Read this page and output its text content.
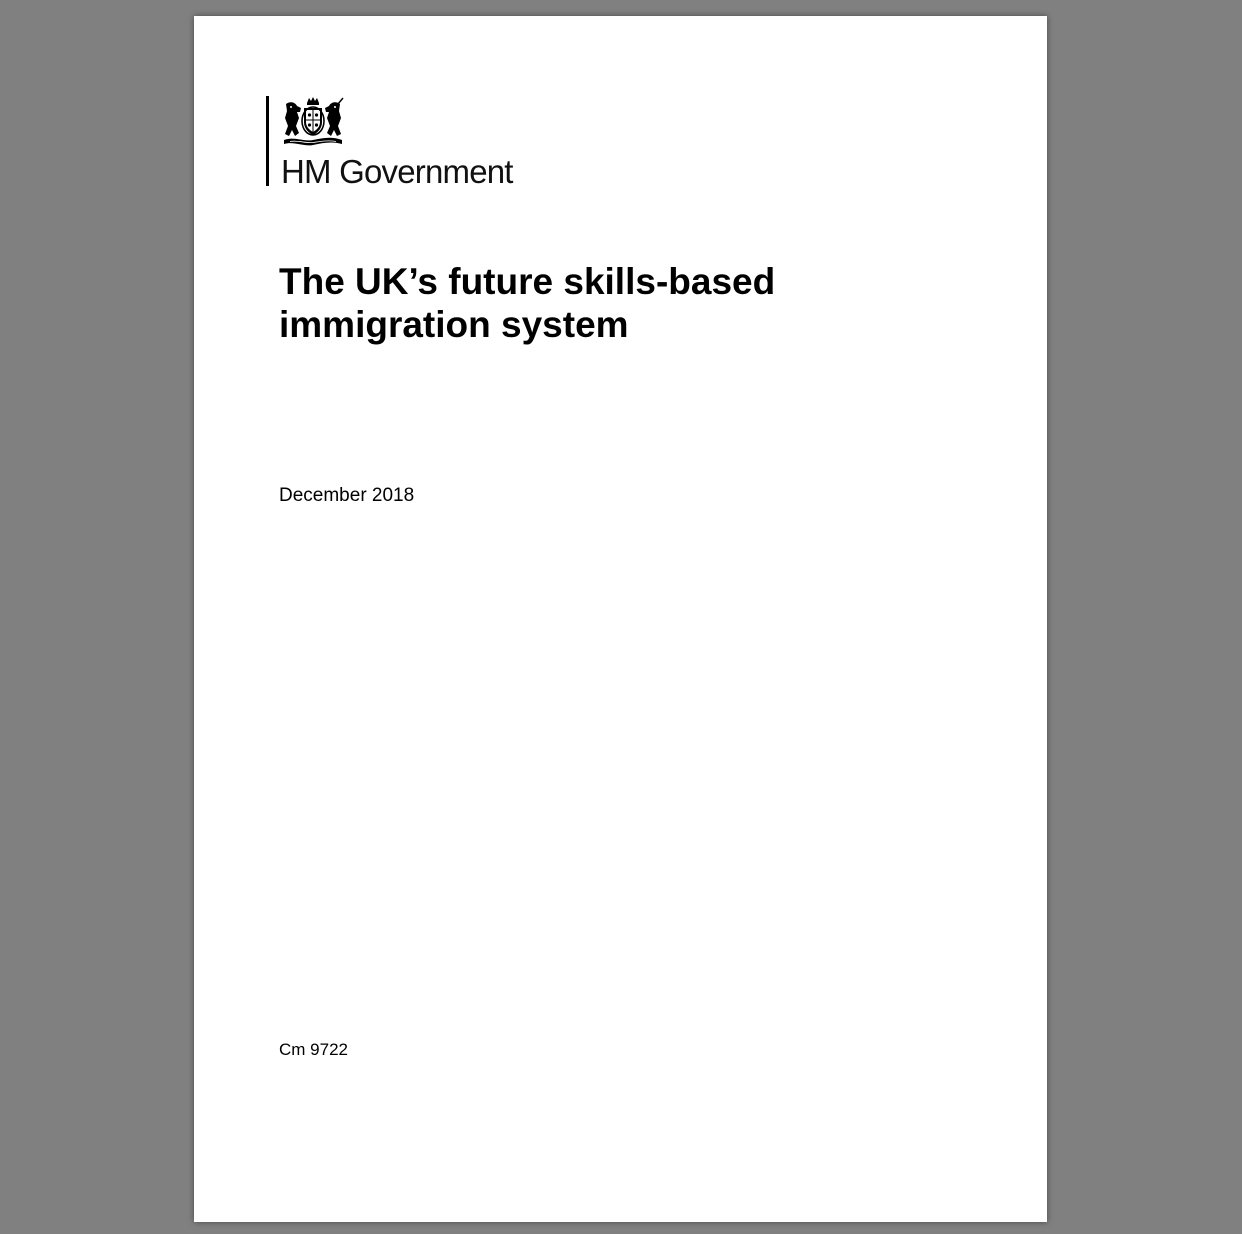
HM Government
The UK’s future skills-based
immigration system
December 2018
Cm 9722
